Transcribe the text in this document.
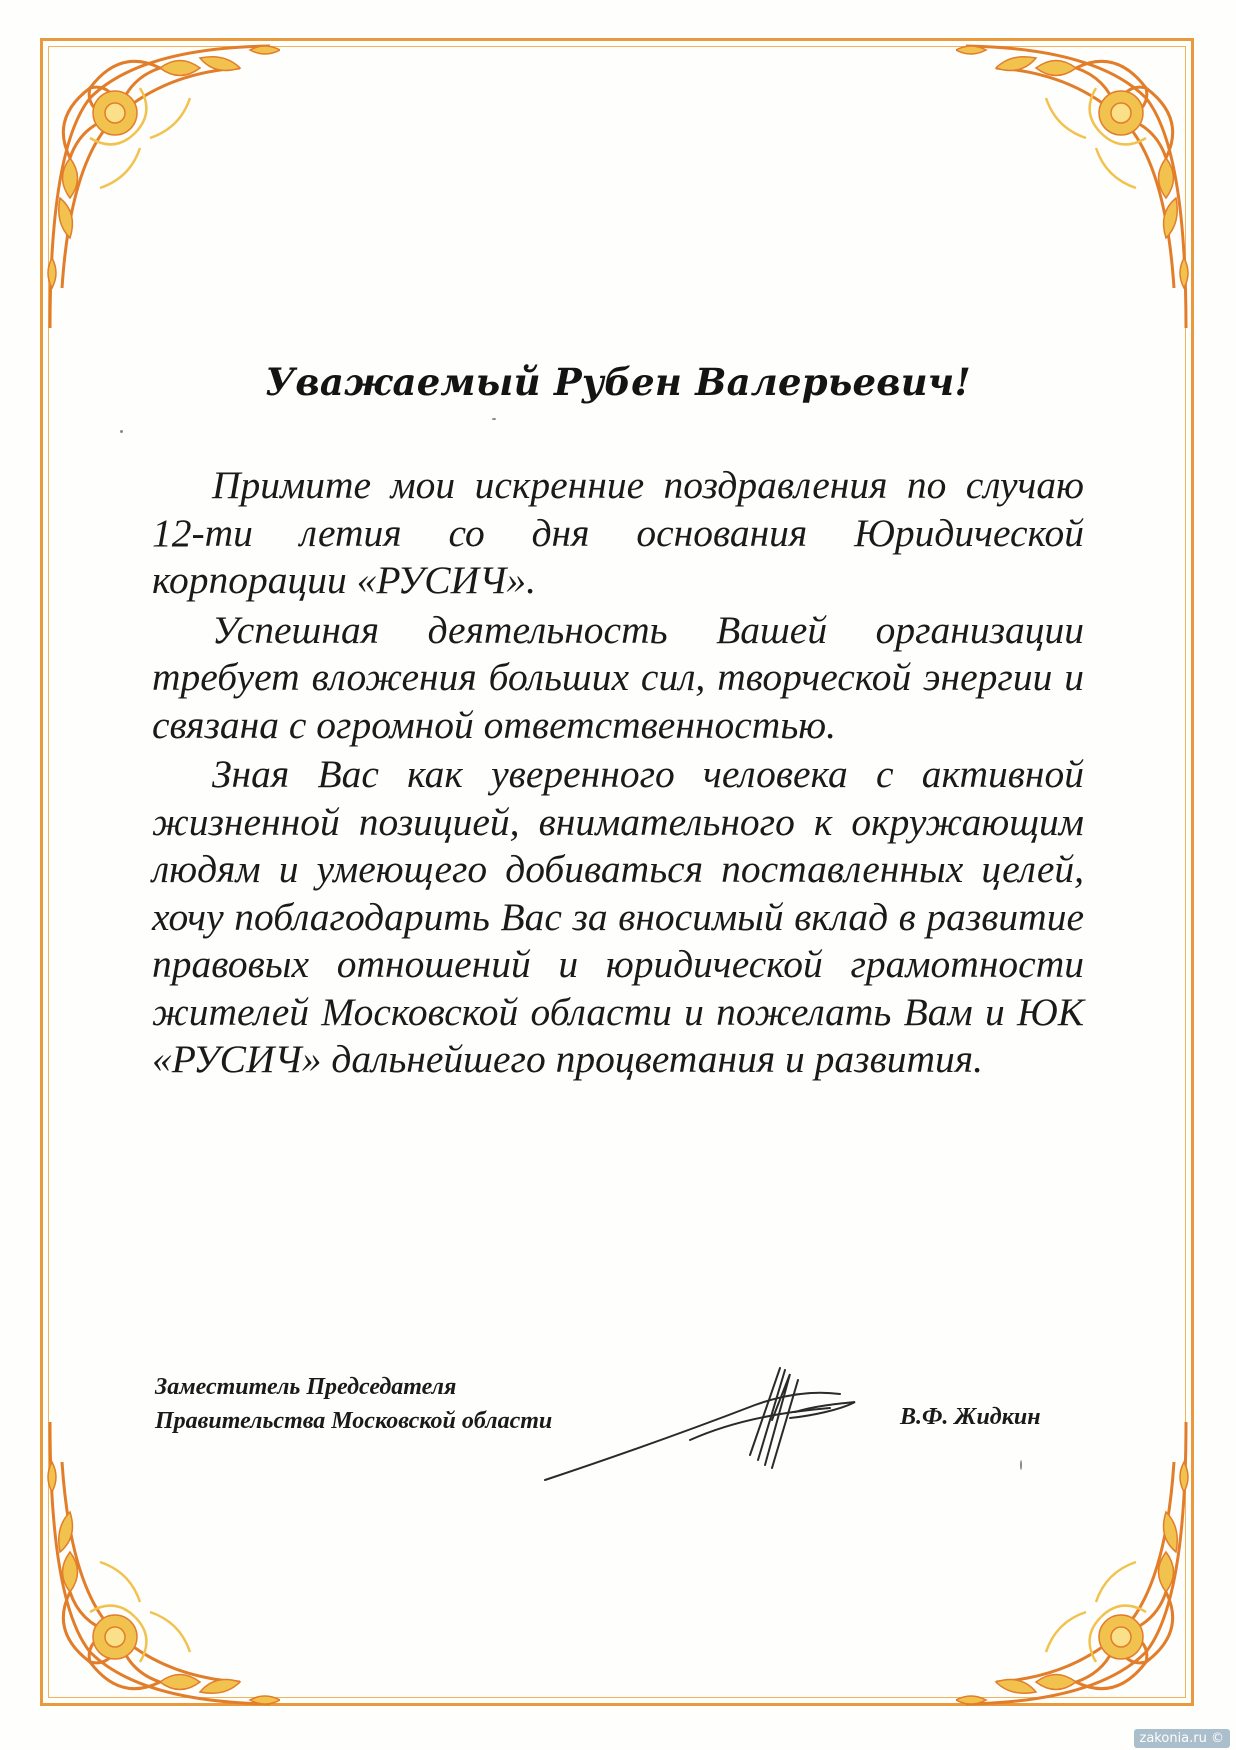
Уважаемый Рубен Валерьевич!

Примите мои искренние поздравления по случаю 12-ти летия со дня основания Юридической корпорации «РУСИЧ».

Успешная деятельность Вашей организации требует вложения больших сил, творческой энергии и связана с огромной ответственностью.

Зная Вас как уверенного человека с активной жизненной позицией, внимательного к окружающим людям и умеющего добиваться поставленных целей, хочу поблагодарить Вас за вносимый вклад в развитие правовых отношений и юридической грамотности жителей Московской области и пожелать Вам и ЮК «РУСИЧ» дальнейшего процветания и развития.

Заместитель Председателя
Правительства Московской области	В.Ф. Жидкин
zakonia.ru ©
